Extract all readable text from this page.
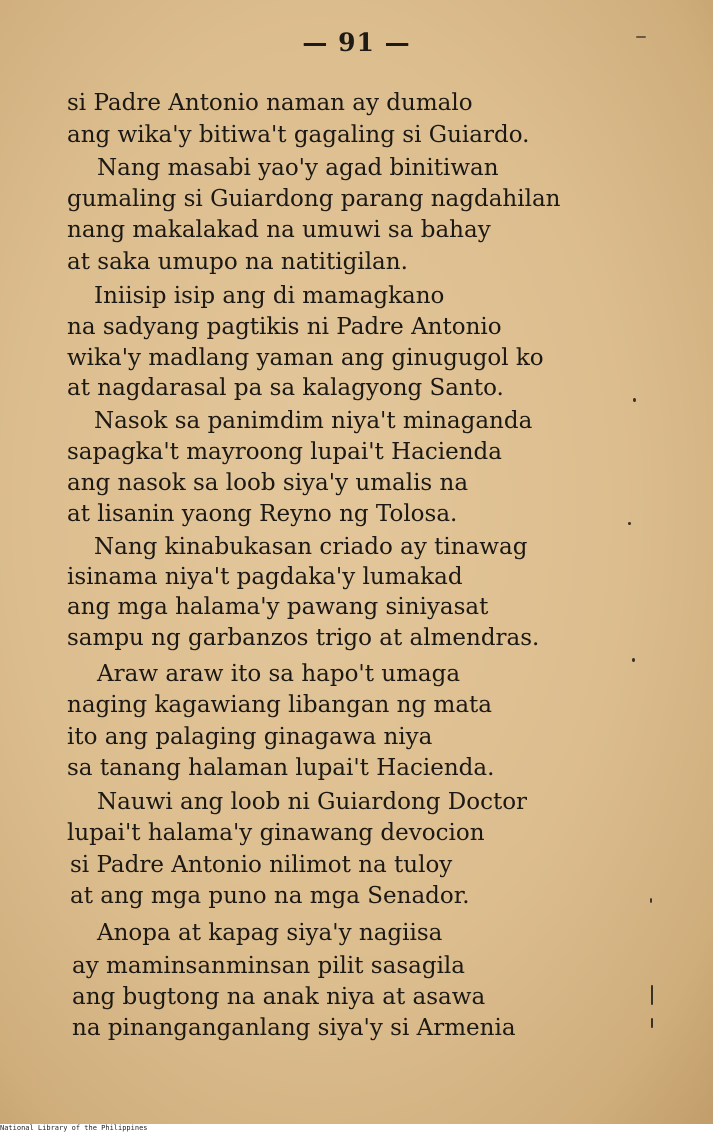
— 91 —
si Padre Antonio naman ay dumalo
ang wika'y bitiwa't gagaling si Guiardo.
Nang masabi yao'y agad binitiwan
gumaling si Guiardong parang nagdahilan
nang makalakad na umuwi sa bahay
at saka umupo na natitigilan.
Iniisip isip ang di mamagkano
na sadyang pagtikis ni Padre Antonio
wika'y madlang yaman ang ginugugol ko
at nagdarasal pa sa kalagyong Santo.
Nasok sa panimdim niya't minaganda
sapagka't mayroong lupai't Hacienda
ang nasok sa loob siya'y umalis na
at lisanin yaong Reyno ng Tolosa.
Nang kinabukasan criado ay tinawag
isinama niya't pagdaka'y lumakad
ang mga halama'y pawang siniyasat
sampu ng garbanzos trigo at almendras.
Araw araw ito sa hapo't umaga
naging kagawiang libangan ng mata
ito ang palaging ginagawa niya
sa tanang halaman lupai't Hacienda.
Nauwi ang loob ni Guiardong Doctor
lupai't halama'y ginawang devocion
si Padre Antonio nilimot na tuloy
at ang mga puno na mga Senador.
Anopa at kapag siya'y nagiisa
ay maminsanminsan pilit sasagila
ang bugtong na anak niya at asawa
na pinanganganlang siya'y si Armenia
National Library of the Philippines
